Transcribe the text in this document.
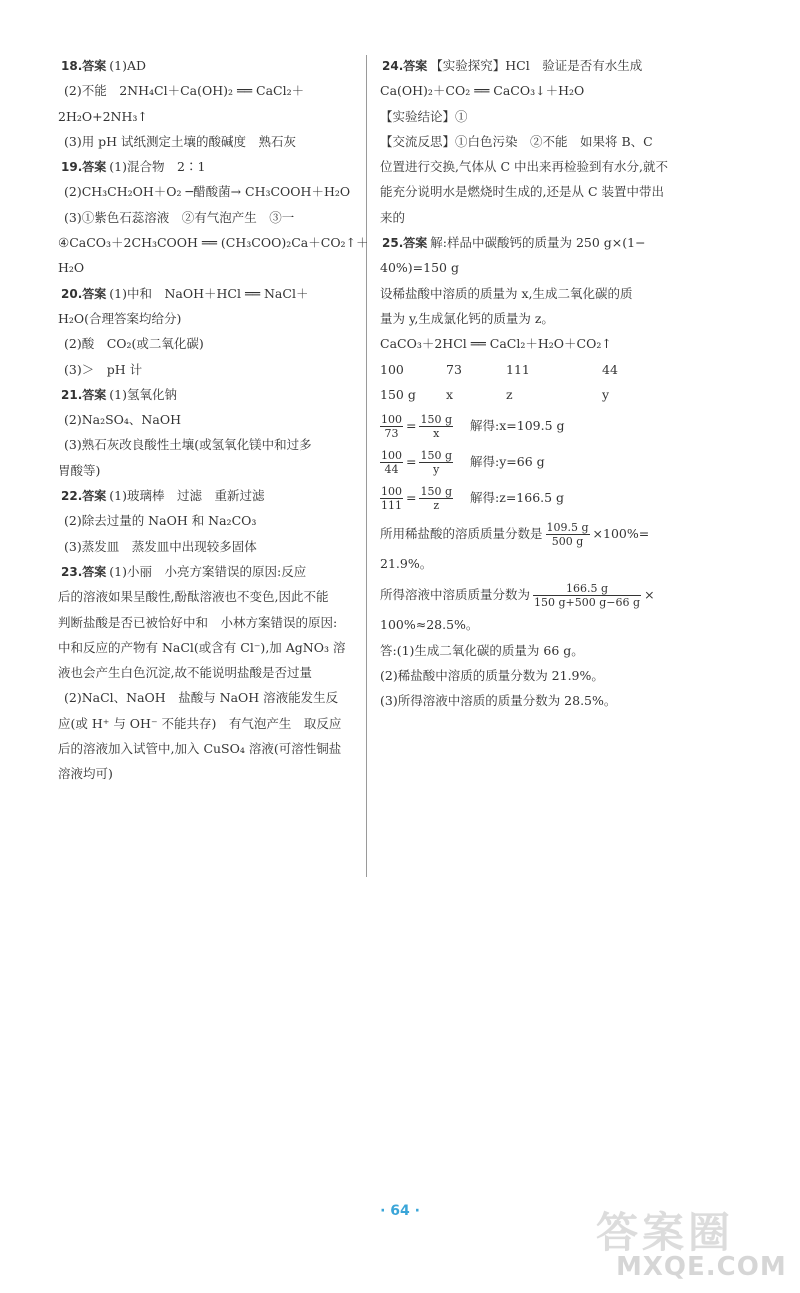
18.答案 (1)AD
(2)不能　2NH₄Cl＋Ca(OH)₂ ══ CaCl₂＋
2H₂O+2NH₃↑
(3)用 pH 试纸测定土壤的酸碱度　熟石灰
19.答案 (1)混合物　2∶1
(2)CH₃CH₂OH＋O₂ ─醋酸菌→ CH₃COOH＋H₂O
(3)①紫色石蕊溶液　②有气泡产生　③一
④CaCO₃＋2CH₃COOH ══ (CH₃COO)₂Ca＋CO₂↑＋
H₂O
20.答案 (1)中和　NaOH＋HCl ══ NaCl＋
H₂O(合理答案均给分)
(2)酸　CO₂(或二氧化碳)
(3)＞　pH 计
21.答案 (1)氢氧化钠
(2)Na₂SO₄、NaOH
(3)熟石灰改良酸性土壤(或氢氧化镁中和过多
胃酸等)
22.答案 (1)玻璃棒　过滤　重新过滤
(2)除去过量的 NaOH 和 Na₂CO₃
(3)蒸发皿　蒸发皿中出现较多固体
23.答案 (1)小丽　小亮方案错误的原因:反应
后的溶液如果呈酸性,酚酞溶液也不变色,因此不能
判断盐酸是否已被恰好中和　小林方案错误的原因:
中和反应的产物有 NaCl(或含有 Cl⁻),加 AgNO₃ 溶
液也会产生白色沉淀,故不能说明盐酸是否过量
(2)NaCl、NaOH　盐酸与 NaOH 溶液能发生反
应(或 H⁺ 与 OH⁻ 不能共存)　有气泡产生　取反应
后的溶液加入试管中,加入 CuSO₄ 溶液(可溶性铜盐
溶液均可)
24.答案 【实验探究】HCl　验证是否有水生成
Ca(OH)₂＋CO₂ ══ CaCO₃↓＋H₂O
【实验结论】①
【交流反思】①白色污染　②不能　如果将 B、C
位置进行交换,气体从 C 中出来再检验到有水分,就不
能充分说明水是燃烧时生成的,还是从 C 装置中带出
来的
25.答案 解:样品中碳酸钙的质量为 250 g×(1−
40%)=150 g
设稀盐酸中溶质的质量为 x,生成二氧化碳的质
量为 y,生成氯化钙的质量为 z。
CaCO₃＋2HCl ══ CaCl₂＋H₂O＋CO₂↑
100	73	111	44
150 g	x	z	y
$\frac{100}{73} = \frac{150 g}{x}$ 解得:x=109.5 g
$\frac{100}{44} = \frac{150 g}{y}$ 解得:y=66 g
$\frac{100}{111} = \frac{150 g}{z}$ 解得:z=166.5 g
所用稀盐酸的溶质质量分数是 $\frac{109.5 g}{500 g} \times 100\%=$
21.9%。
所得溶液中溶质质量分数为 $\frac{166.5 g}{150 g+500 g-66 g}$ ×
100%≈28.5%。
答:(1)生成二氧化碳的质量为 66 g。
(2)稀盐酸中溶质的质量分数为 21.9%。
(3)所得溶液中溶质的质量分数为 28.5%。
· 64 ·	答案圈
MXQE.COM
